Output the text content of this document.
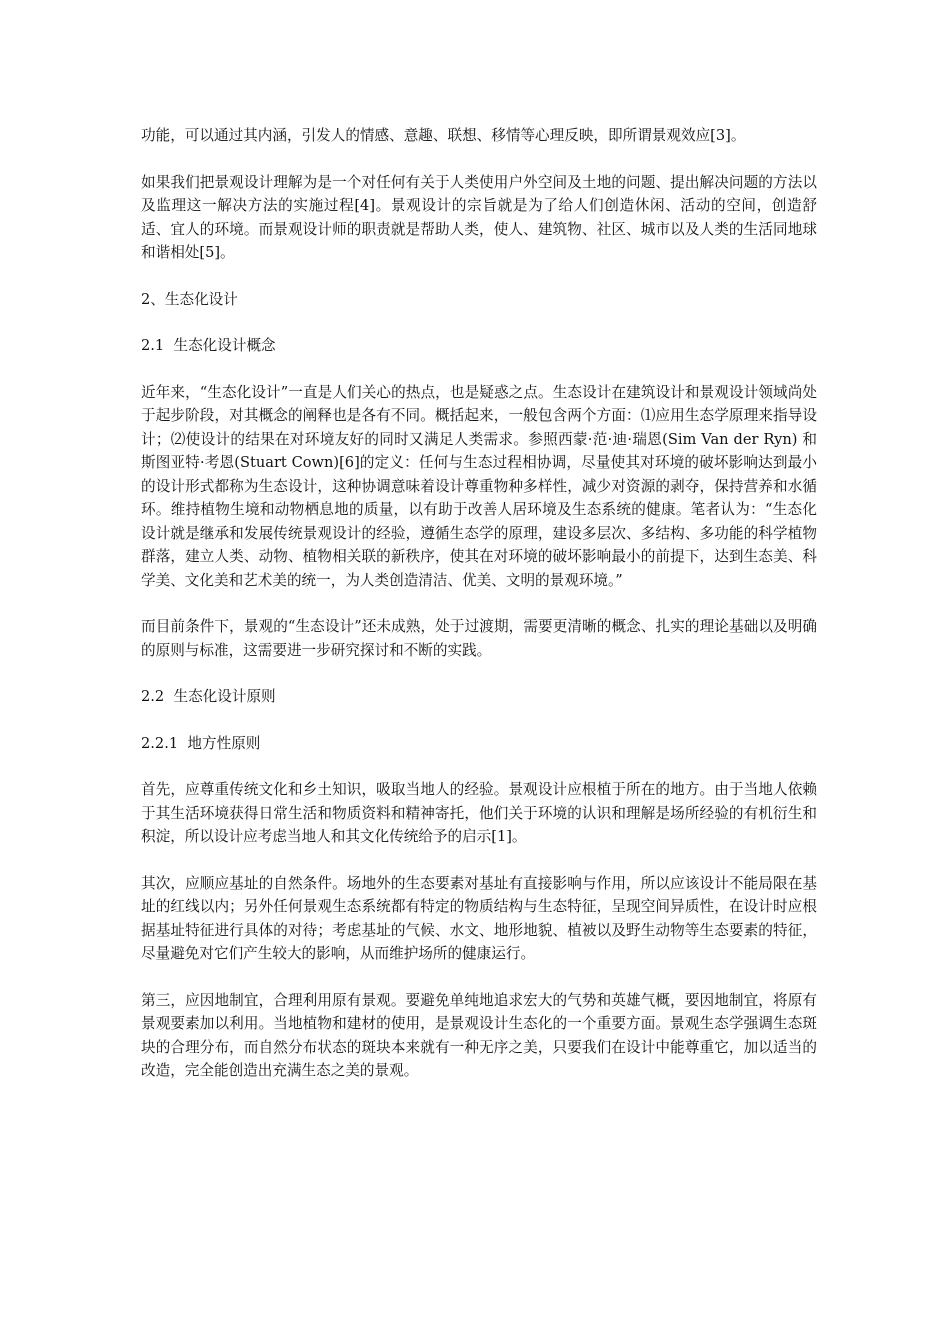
功能，可以通过其内涵，引发人的情感、意趣、联想、移情等心理反映，即所谓景观效应[3]。

如果我们把景观设计理解为是一个对任何有关于人类使用户外空间及土地的问题、提出解决问题的方法以及监理这一解决方法的实施过程[4]。景观设计的宗旨就是为了给人们创造休闲、活动的空间，创造舒适、宜人的环境。而景观设计师的职责就是帮助人类，使人、建筑物、社区、城市以及人类的生活同地球和谐相处[5]。

2、生态化设计

2.1  生态化设计概念

近年来，“生态化设计”一直是人们关心的热点，也是疑惑之点。生态设计在建筑设计和景观设计领域尚处于起步阶段，对其概念的阐释也是各有不同。概括起来，一般包含两个方面：⑴应用生态学原理来指导设计；⑵使设计的结果在对环境友好的同时又满足人类需求。参照西蒙·范·迪·瑞恩(Sim Van der Ryn) 和斯图亚特·考恩(Stuart Cown)[6]的定义：任何与生态过程相协调，尽量使其对环境的破坏影响达到最小的设计形式都称为生态设计，这种协调意味着设计尊重物种多样性，减少对资源的剥夺，保持营养和水循环。维持植物生境和动物栖息地的质量，以有助于改善人居环境及生态系统的健康。笔者认为：“生态化设计就是继承和发展传统景观设计的经验，遵循生态学的原理，建设多层次、多结构、多功能的科学植物群落，建立人类、动物、植物相关联的新秩序，使其在对环境的破坏影响最小的前提下，达到生态美、科学美、文化美和艺术美的统一，为人类创造清洁、优美、文明的景观环境。”

而目前条件下，景观的“生态设计”还未成熟，处于过渡期，需要更清晰的概念、扎实的理论基础以及明确的原则与标准，这需要进一步研究探讨和不断的实践。

2.2  生态化设计原则

2.2.1  地方性原则

首先，应尊重传统文化和乡土知识，吸取当地人的经验。景观设计应根植于所在的地方。由于当地人依赖于其生活环境获得日常生活和物质资料和精神寄托，他们关于环境的认识和理解是场所经验的有机衍生和积淀，所以设计应考虑当地人和其文化传统给予的启示[1]。

其次，应顺应基址的自然条件。场地外的生态要素对基址有直接影响与作用，所以应该设计不能局限在基址的红线以内；另外任何景观生态系统都有特定的物质结构与生态特征，呈现空间异质性，在设计时应根据基址特征进行具体的对待；考虑基址的气候、水文、地形地貌、植被以及野生动物等生态要素的特征，尽量避免对它们产生较大的影响，从而维护场所的健康运行。

第三，应因地制宜，合理利用原有景观。要避免单纯地追求宏大的气势和英雄气概，要因地制宜，将原有景观要素加以利用。当地植物和建材的使用，是景观设计生态化的一个重要方面。景观生态学强调生态斑块的合理分布，而自然分布状态的斑块本来就有一种无序之美，只要我们在设计中能尊重它，加以适当的改造，完全能创造出充满生态之美的景观。
